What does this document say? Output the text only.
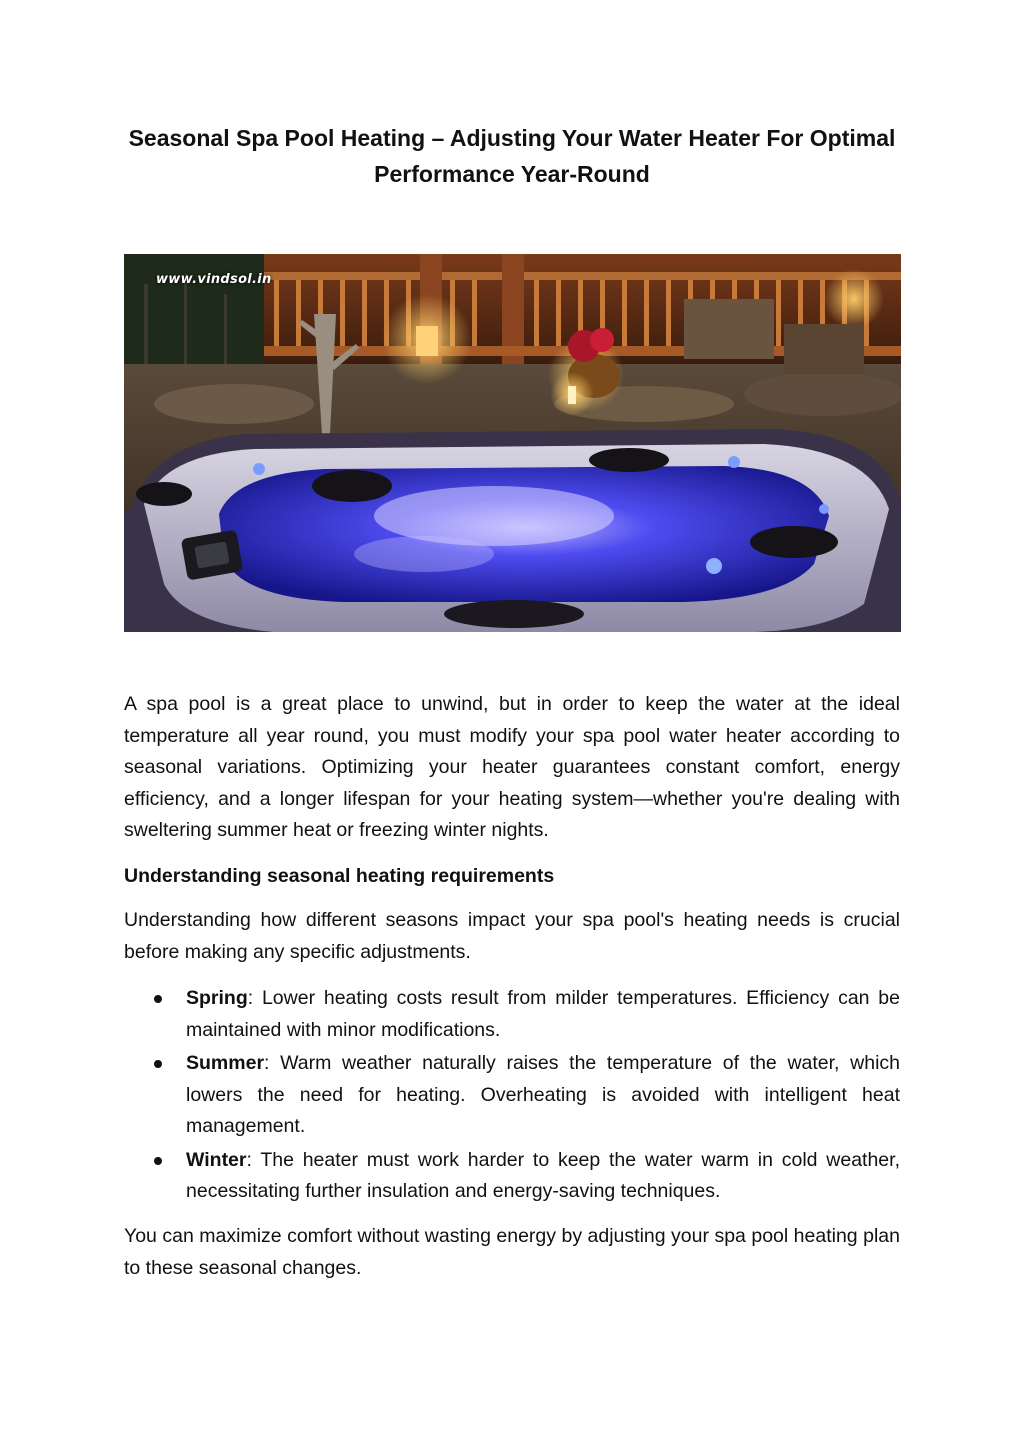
Seasonal Spa Pool Heating – Adjusting Your Water Heater For Optimal Performance Year-Round
www.vindsol.in

A spa pool is a great place to unwind, but in order to keep the water at the ideal temperature all year round, you must modify your spa pool water heater according to seasonal variations. Optimizing your heater guarantees constant comfort, energy efficiency, and a longer lifespan for your heating system—whether you're dealing with sweltering summer heat or freezing winter nights.

Understanding seasonal heating requirements

Understanding how different seasons impact your spa pool's heating needs is crucial before making any specific adjustments.

Spring: Lower heating costs result from milder temperatures. Efficiency can be maintained with minor modifications.
Summer: Warm weather naturally raises the temperature of the water, which lowers the need for heating. Overheating is avoided with intelligent heat management.
Winter: The heater must work harder to keep the water warm in cold weather, necessitating further insulation and energy-saving techniques.

You can maximize comfort without wasting energy by adjusting your spa pool heating plan to these seasonal changes.
